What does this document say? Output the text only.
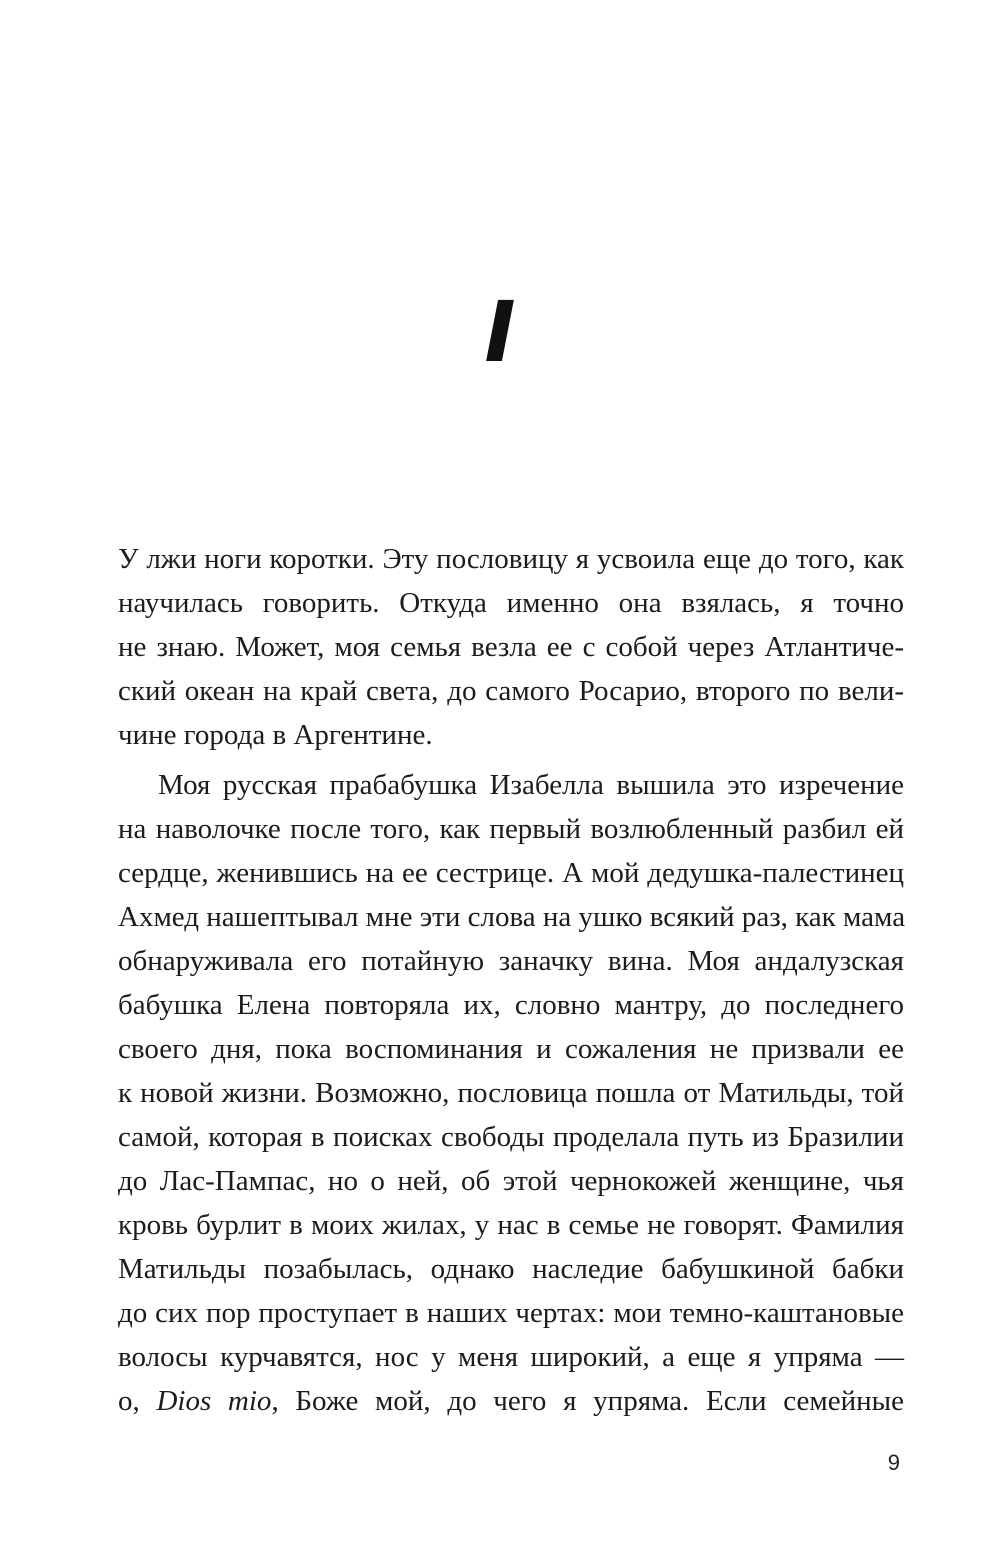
I
У лжи ноги коротки. Эту пословицу я усвоила еще до того, как
научилась говорить. Откуда именно она взялась, я точно
не знаю. Может, моя семья везла ее с собой через Атлантиче-
ский океан на край света, до самого Росарио, второго по вели-
чине города в Аргентине.
Моя русская прабабушка Изабелла вышила это изречение
на наволочке после того, как первый возлюбленный разбил ей
сердце, женившись на ее сестрице. А мой дедушка-палестинец
Ахмед нашептывал мне эти слова на ушко всякий раз, как мама
обнаруживала его потайную заначку вина. Моя андалузская
бабушка Елена повторяла их, словно мантру, до последнего
своего дня, пока воспоминания и сожаления не призвали ее
к новой жизни. Возможно, пословица пошла от Матильды, той
самой, которая в поисках свободы проделала путь из Бразилии
до Лас-Пампас, но о ней, об этой чернокожей женщине, чья
кровь бурлит в моих жилах, у нас в семье не говорят. Фамилия
Матильды позабылась, однако наследие бабушкиной бабки
до сих пор проступает в наших чертах: мои темно-каштановые
волосы курчавятся, нос у меня широкий, а еще я упряма —
о, Dios mio, Боже мой, до чего я упряма. Если семейные
9
